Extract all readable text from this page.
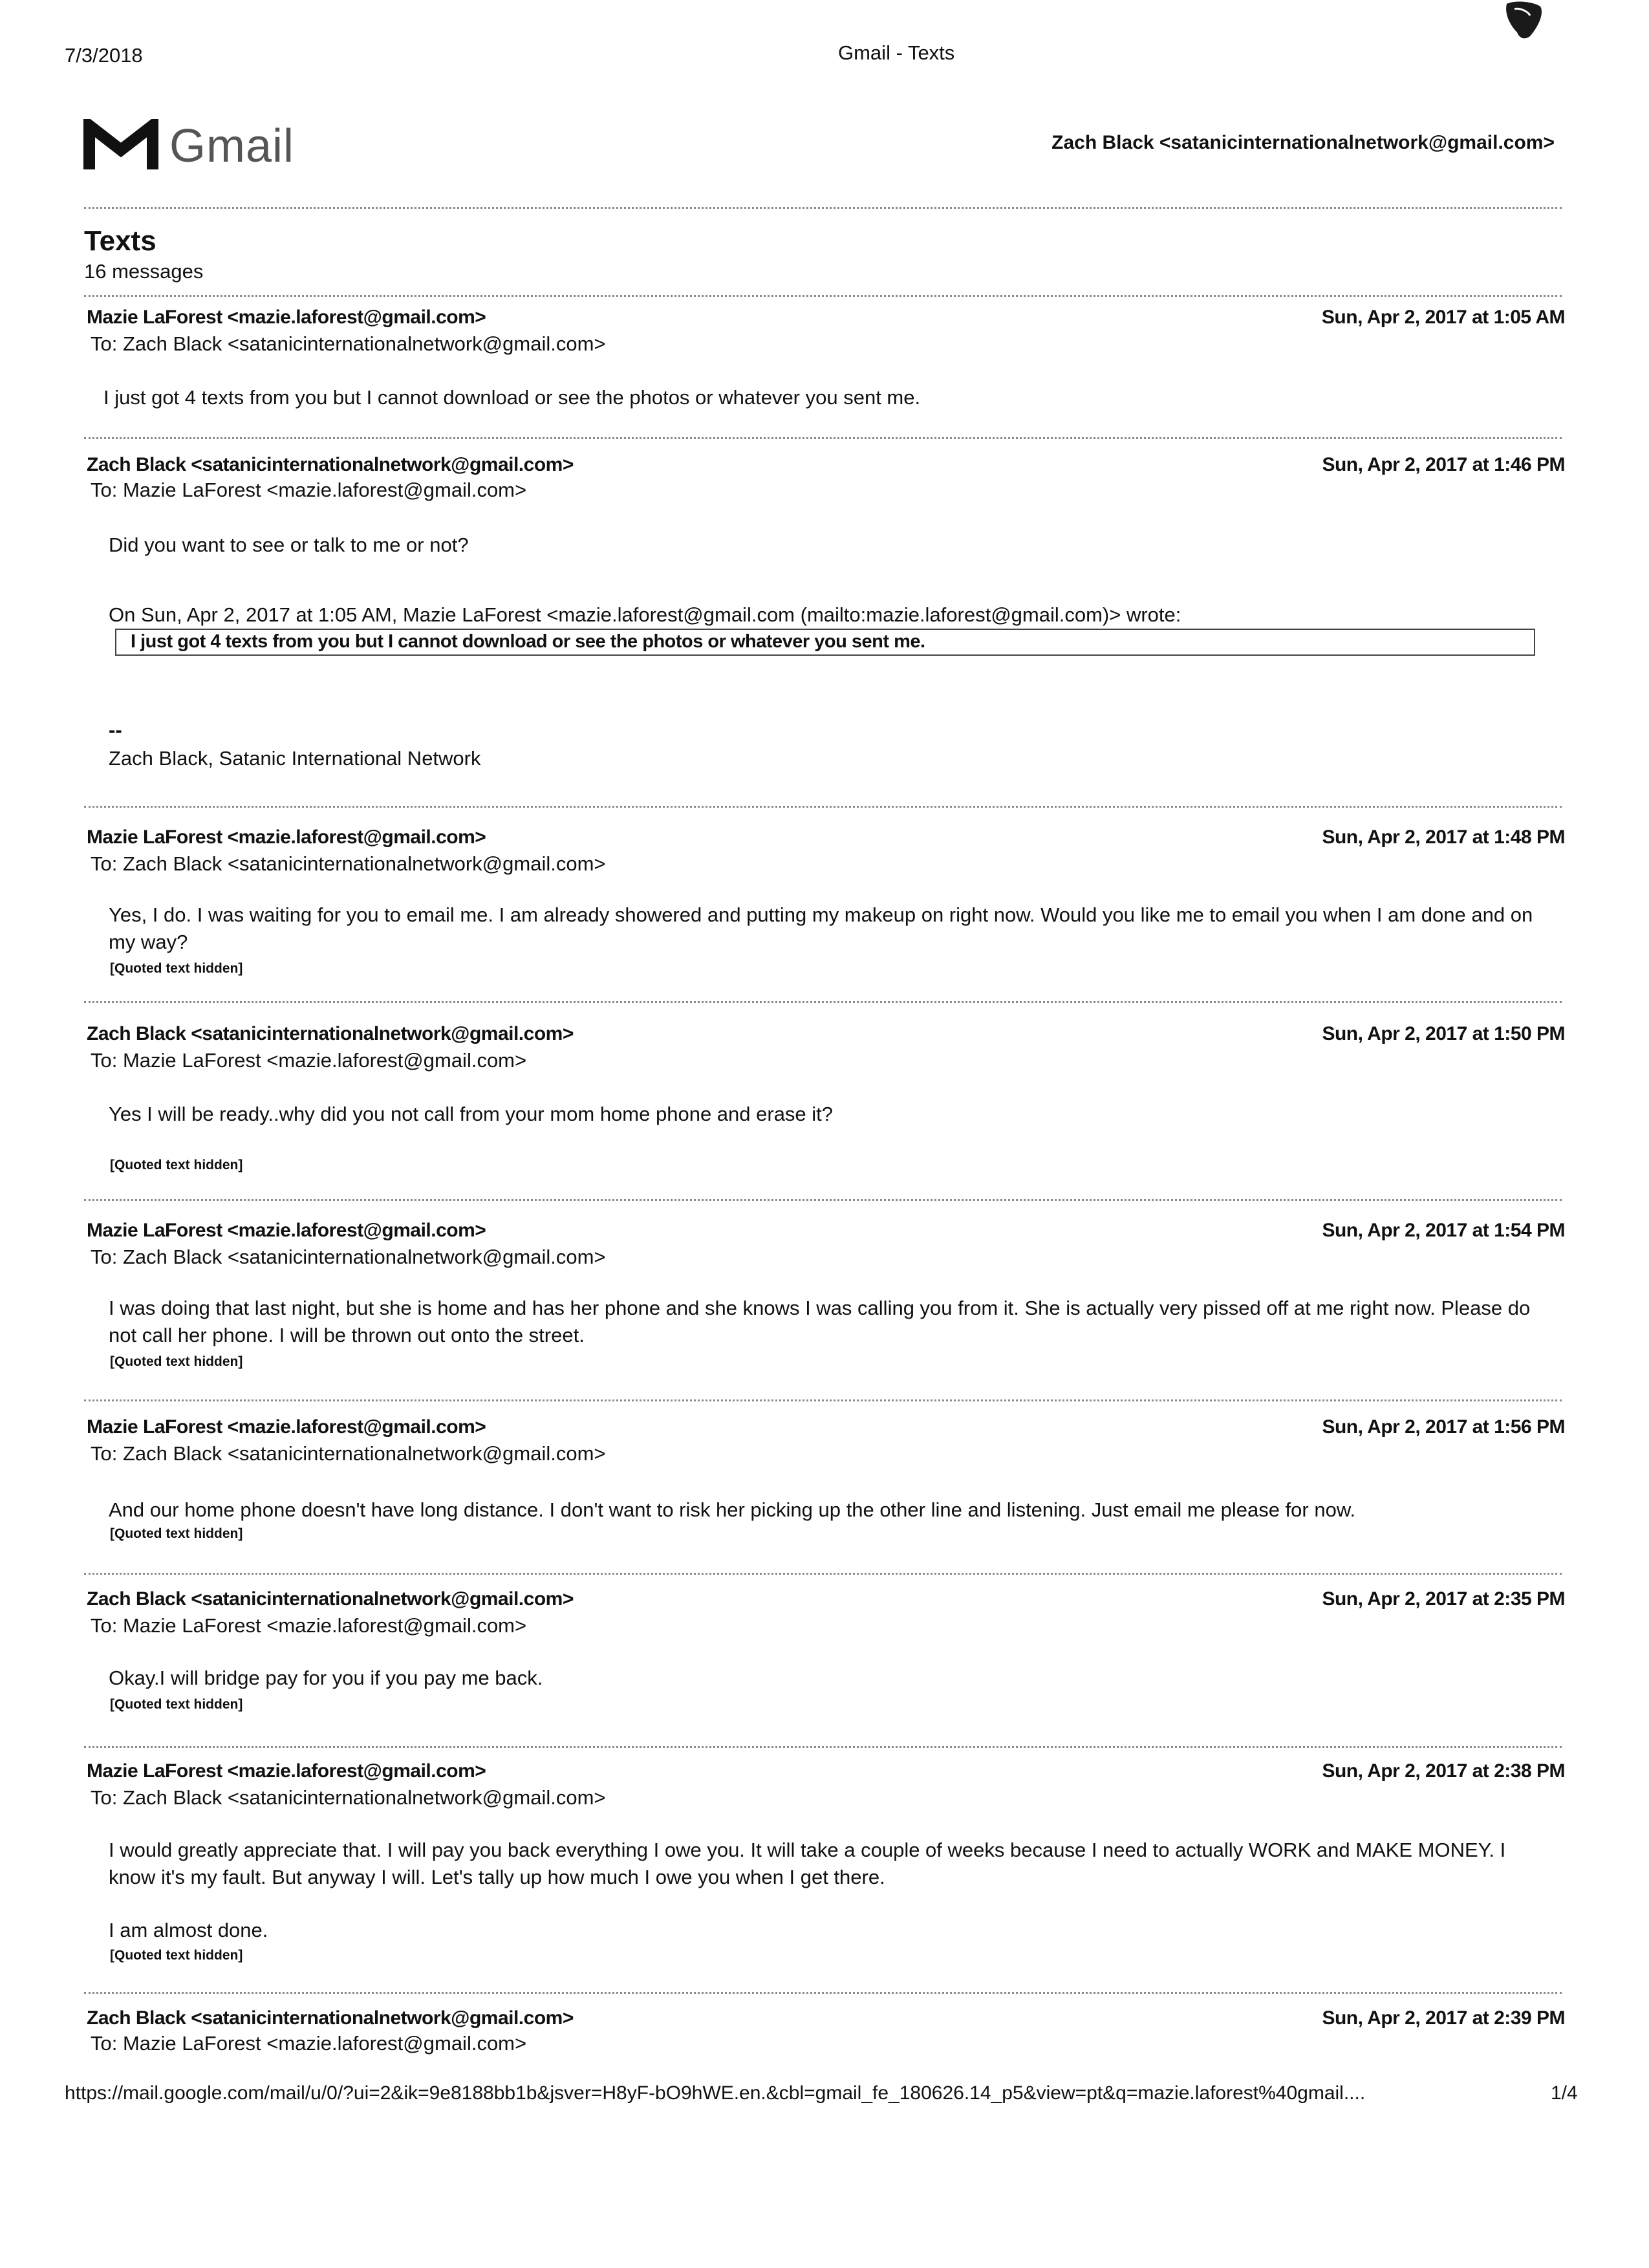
7/3/2018	Gmail - Texts
Gmail	Zach Black <satanicinternationalnetwork@gmail.com>
Texts
16 messages
Mazie LaForest <mazie.laforest@gmail.com>	Sun, Apr 2, 2017 at 1:05 AM
To: Zach Black <satanicinternationalnetwork@gmail.com>
I just got 4 texts from you but I cannot download or see the photos or whatever you sent me.
Zach Black <satanicinternationalnetwork@gmail.com>	Sun, Apr 2, 2017 at 1:46 PM
To: Mazie LaForest <mazie.laforest@gmail.com>
Did you want to see or talk to me or not?
On Sun, Apr 2, 2017 at 1:05 AM, Mazie LaForest <mazie.laforest@gmail.com (mailto:mazie.laforest@gmail.com)> wrote:
--
Zach Black, Satanic International Network
I just got 4 texts from you but I cannot download or see the photos or whatever you sent me.
Mazie LaForest <mazie.laforest@gmail.com>	Sun, Apr 2, 2017 at 1:48 PM
To: Zach Black <satanicinternationalnetwork@gmail.com>
Yes, I do. I was waiting for you to email me. I am already showered and putting my makeup on right now. Would you like me to email you when I am done and on my way?
[Quoted text hidden]
Zach Black <satanicinternationalnetwork@gmail.com>	Sun, Apr 2, 2017 at 1:50 PM
To: Mazie LaForest <mazie.laforest@gmail.com>
Yes I will be ready..why did you not call from your mom home phone and erase it?
[Quoted text hidden]
Mazie LaForest <mazie.laforest@gmail.com>	Sun, Apr 2, 2017 at 1:54 PM
To: Zach Black <satanicinternationalnetwork@gmail.com>
I was doing that last night, but she is home and has her phone and she knows I was calling you from it. She is actually very pissed off at me right now. Please do not call her phone. I will be thrown out onto the street.
[Quoted text hidden]
Mazie LaForest <mazie.laforest@gmail.com>	Sun, Apr 2, 2017 at 1:56 PM
To: Zach Black <satanicinternationalnetwork@gmail.com>
And our home phone doesn't have long distance. I don't want to risk her picking up the other line and listening. Just email me please for now.
[Quoted text hidden]
Zach Black <satanicinternationalnetwork@gmail.com>	Sun, Apr 2, 2017 at 2:35 PM
To: Mazie LaForest <mazie.laforest@gmail.com>
Okay.I will bridge pay for you if you pay me back.
[Quoted text hidden]
Mazie LaForest <mazie.laforest@gmail.com>	Sun, Apr 2, 2017 at 2:38 PM
To: Zach Black <satanicinternationalnetwork@gmail.com>
I would greatly appreciate that. I will pay you back everything I owe you. It will take a couple of weeks because I need to actually WORK and MAKE MONEY. I know it's my fault. But anyway I will. Let's tally up how much I owe you when I get there.
I am almost done.
[Quoted text hidden]
Zach Black <satanicinternationalnetwork@gmail.com>	Sun, Apr 2, 2017 at 2:39 PM
To: Mazie LaForest <mazie.laforest@gmail.com>
https://mail.google.com/mail/u/0/?ui=2&ik=9e8188bb1b&jsver=H8yF-bO9hWE.en.&cbl=gmail_fe_180626.14_p5&view=pt&q=mazie.laforest%40gmail....	1/4
